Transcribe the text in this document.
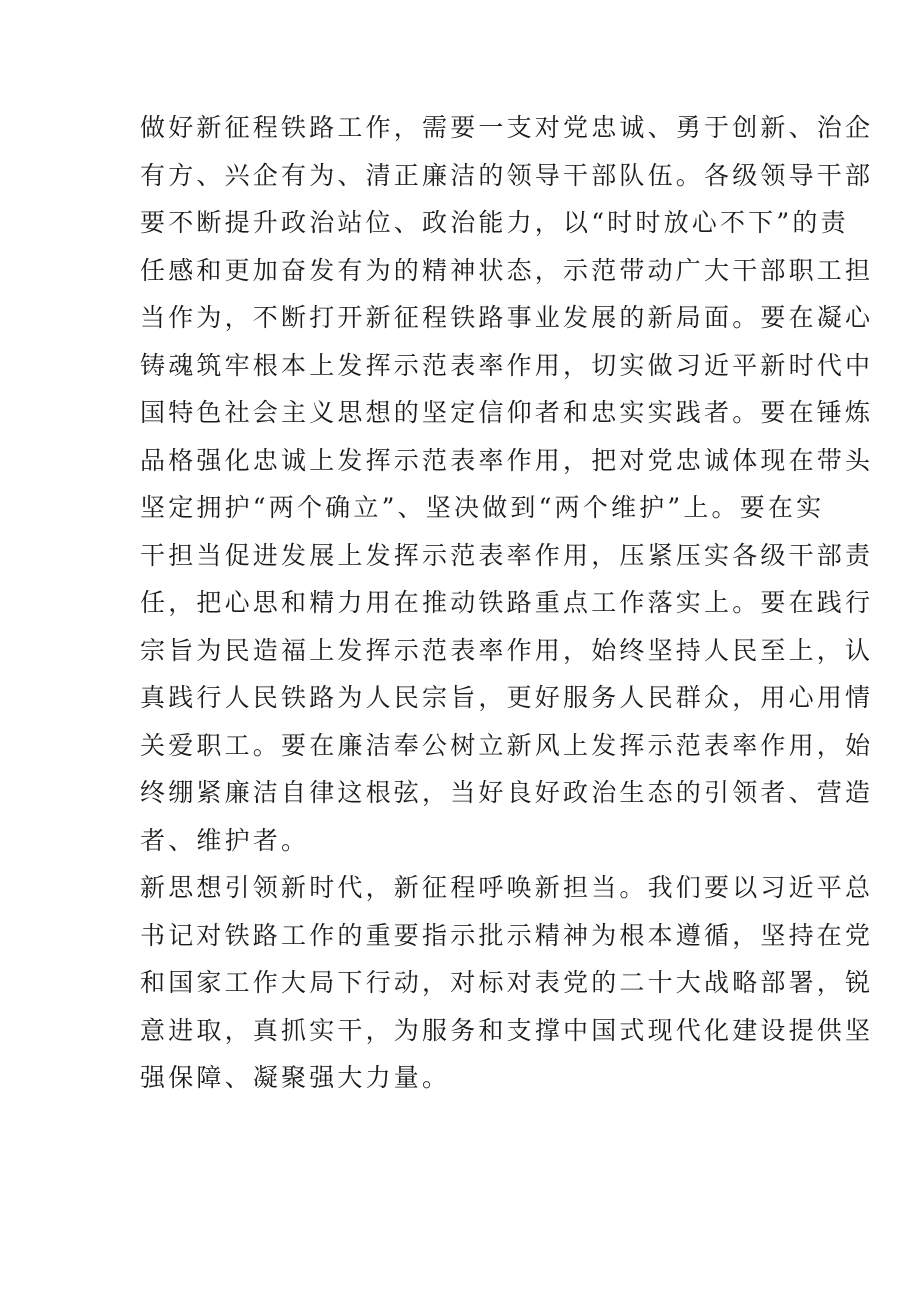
做好新征程铁路工作，需要一支对党忠诚、勇于创新、治企
有方、兴企有为、清正廉洁的领导干部队伍。各级领导干部
要不断提升政治站位、政治能力，以“时时放心不下”的责
任感和更加奋发有为的精神状态，示范带动广大干部职工担
当作为，不断打开新征程铁路事业发展的新局面。要在凝心
铸魂筑牢根本上发挥示范表率作用，切实做习近平新时代中
国特色社会主义思想的坚定信仰者和忠实实践者。要在锤炼
品格强化忠诚上发挥示范表率作用，把对党忠诚体现在带头
坚定拥护“两个确立”、坚决做到“两个维护”上。要在实
干担当促进发展上发挥示范表率作用，压紧压实各级干部责
任，把心思和精力用在推动铁路重点工作落实上。要在践行
宗旨为民造福上发挥示范表率作用，始终坚持人民至上，认
真践行人民铁路为人民宗旨，更好服务人民群众，用心用情
关爱职工。要在廉洁奉公树立新风上发挥示范表率作用，始
终绷紧廉洁自律这根弦，当好良好政治生态的引领者、营造
者、维护者。
新思想引领新时代，新征程呼唤新担当。我们要以习近平总
书记对铁路工作的重要指示批示精神为根本遵循，坚持在党
和国家工作大局下行动，对标对表党的二十大战略部署，锐
意进取，真抓实干，为服务和支撑中国式现代化建设提供坚
强保障、凝聚强大力量。
